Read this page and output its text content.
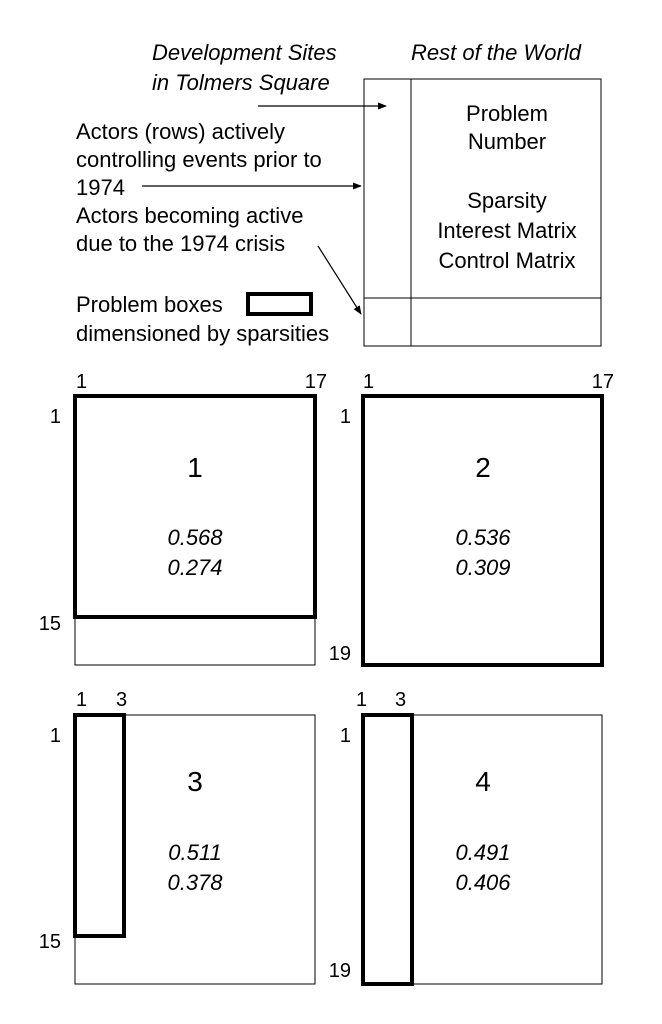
Development Sites
in Tolmers Square
Rest of the World
Actors (rows) actively
controlling events prior to
1974
Actors becoming active
due to the 1974 crisis
Problem boxes
dimensioned by sparsities
Problem
Number
Sparsity
Interest Matrix
Control Matrix
1	17
1
15
1
0.568
0.274
1	17
1
19
2
0.536
0.309
1 3
1
15
3
0.511
0.378
1 3
1
19
4
0.491
0.406
